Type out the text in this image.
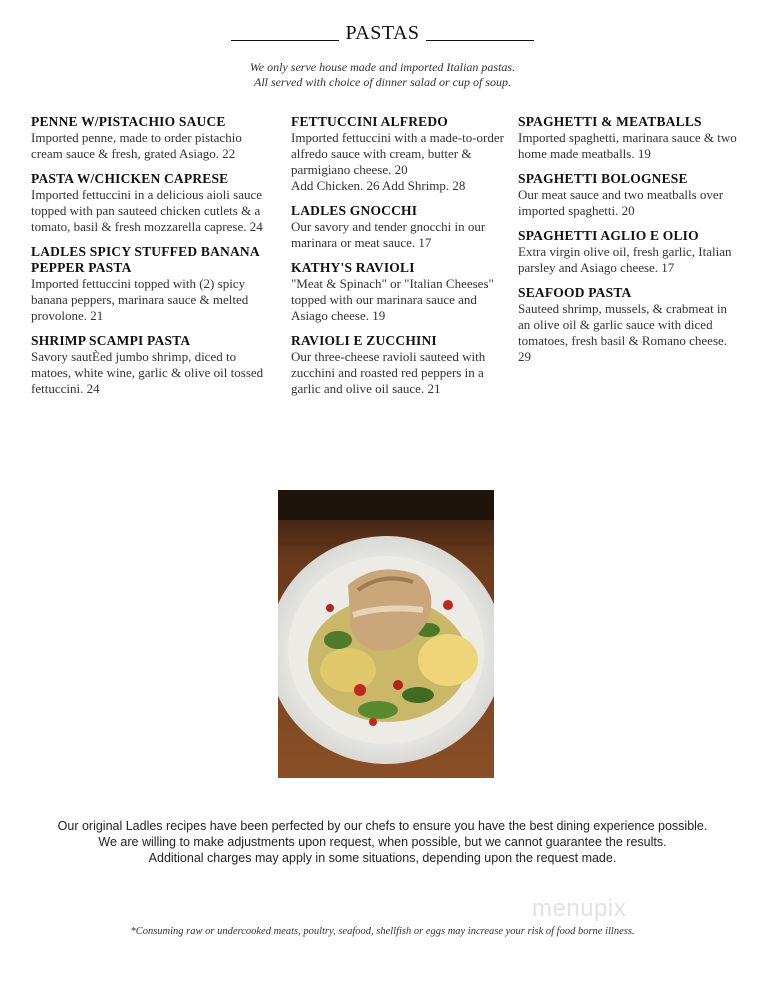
PASTAS
We only serve house made and imported Italian pastas.
All served with choice of dinner salad or cup of soup.
PENNE W/PISTACHIO SAUCE
Imported penne, made to order pistachio cream sauce & fresh, grated Asiago. 22
PASTA W/CHICKEN CAPRESE
Imported fettuccini in a delicious aioli sauce topped with pan sauteed chicken cutlets & a tomato, basil & fresh mozzarella caprese. 24
LADLES SPICY STUFFED BANANA PEPPER PASTA
Imported fettuccini topped with (2) spicy banana peppers, marinara sauce & melted provolone. 21
SHRIMP SCAMPI PASTA
Savory sautÈed jumbo shrimp, diced to matoes, white wine, garlic & olive oil tossed fettuccini. 24
FETTUCCINI ALFREDO
Imported fettuccini with a made-to-order alfredo sauce with cream, butter & parmigiano cheese. 20
Add Chicken. 26 Add Shrimp. 28
LADLES GNOCCHI
Our savory and tender gnocchi in our marinara or meat sauce. 17
KATHY'S RAVIOLI
"Meat & Spinach" or "Italian Cheeses" topped with our marinara sauce and Asiago cheese. 19
RAVIOLI E ZUCCHINI
Our three-cheese ravioli sauteed with zucchini and roasted red peppers in a garlic and olive oil sauce. 21
SPAGHETTI & MEATBALLS
Imported spaghetti, marinara sauce & two home made meatballs. 19
SPAGHETTI BOLOGNESE
Our meat sauce and two meatballs over imported spaghetti. 20
SPAGHETTI AGLIO E OLIO
Extra virgin olive oil, fresh garlic, Italian parsley and Asiago cheese. 17
SEAFOOD PASTA
Sauteed shrimp, mussels, & crabmeat in an olive oil & garlic sauce with diced tomatoes, fresh basil & Romano cheese. 29
Our original Ladles recipes have been perfected by our chefs to ensure you have the best dining experience possible.
We are willing to make adjustments upon request, when possible, but we cannot guarantee the results.
Additional charges may apply in some situations, depending upon the request made.
menupix
*Consuming raw or undercooked meats, poultry, seafood, shellfish or eggs may increase your risk of food borne illness.
